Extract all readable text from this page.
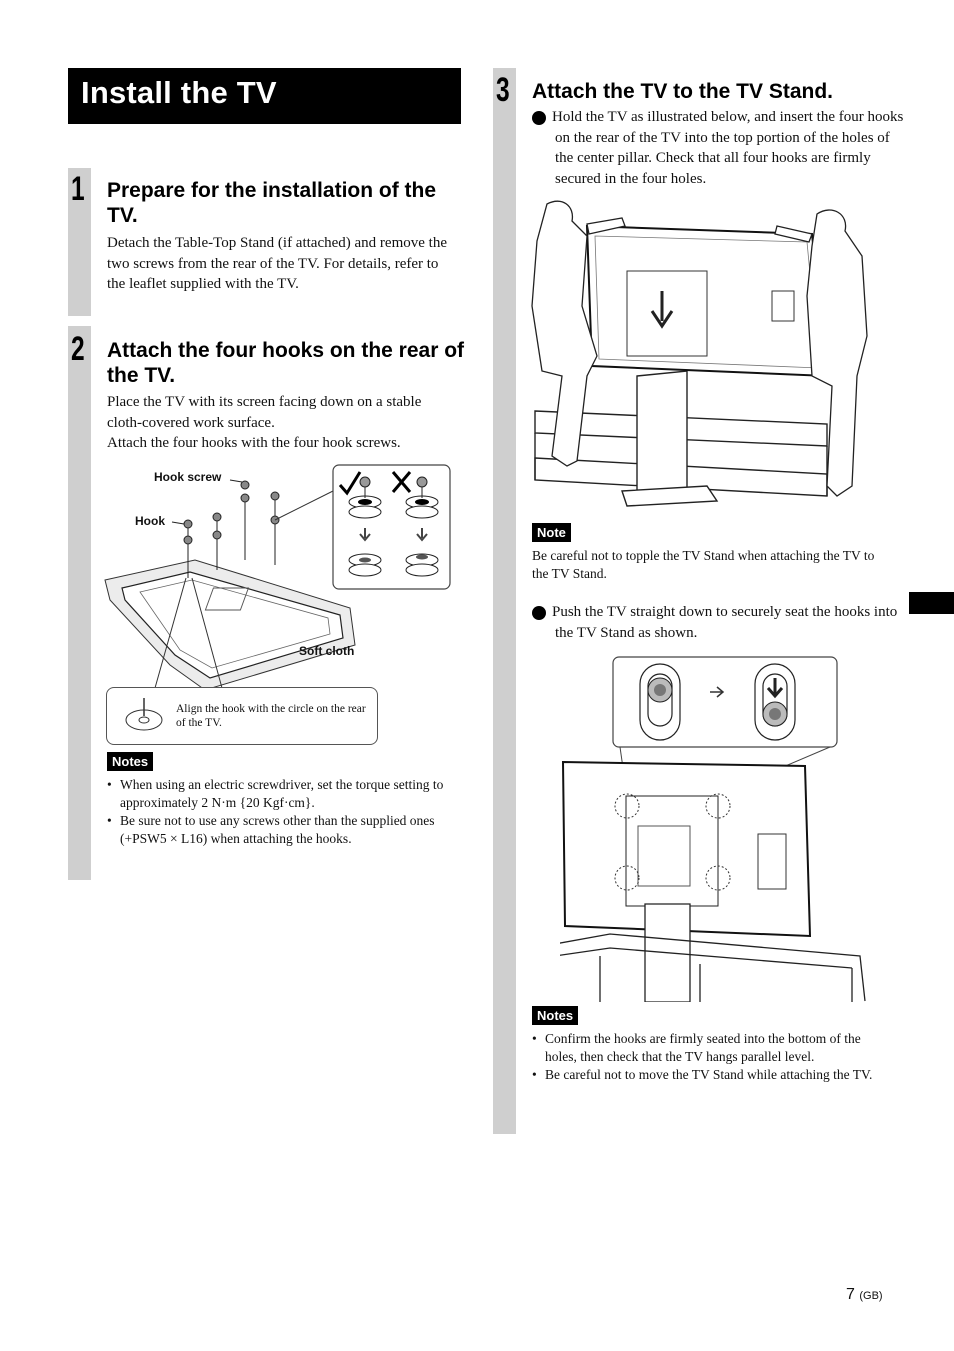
Install the TV
1 Prepare for the installation of the TV.
Detach the Table-Top Stand (if attached) and remove the two screws from the rear of the TV. For details, refer to the leaflet supplied with the TV.
2 Attach the four hooks on the rear of the TV.
Place the TV with its screen facing down on a stable cloth-covered work surface.
Attach the four hooks with the four hook screws.
Hook screw
Hook
Soft cloth
Align the hook with the circle on the rear of the TV.
Notes
• When using an electric screwdriver, set the torque setting to approximately 2 N·m {20 Kgf·cm}.
• Be sure not to use any screws other than the supplied ones (+PSW5 × L16) when attaching the hooks.
3 Attach the TV to the TV Stand.
1 Hold the TV as illustrated below, and insert the four hooks on the rear of the TV into the top portion of the holes of the center pillar. Check that all four hooks are firmly secured in the four holes.
Note
Be careful not to topple the TV Stand when attaching the TV to the TV Stand.
2 Push the TV straight down to securely seat the hooks into the TV Stand as shown.
Notes
• Confirm the hooks are firmly seated into the bottom of the holes, then check that the TV hangs parallel level.
• Be careful not to move the TV Stand while attaching the TV.
7 (GB)
